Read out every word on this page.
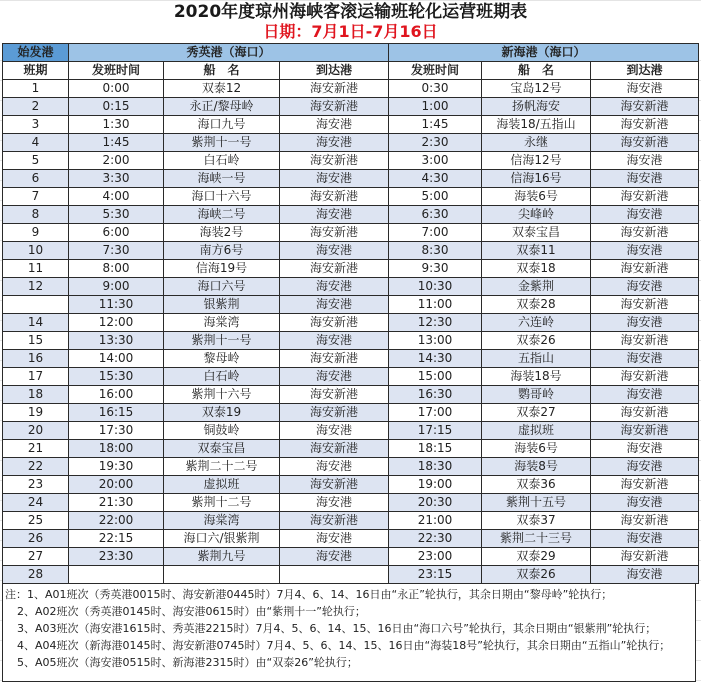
2020年度琼州海峡客滚运输班轮化运营班期表
日期：7月1日-7月16日
始发港	秀英港（海口）			新海港（海口）		
班期	发班时间	船　名	到达港	发班时间	船　名	到达港
1	0:00	双泰12	海安新港	0:30	宝岛12号	海安港
2	0:15	永正/黎母岭	海安新港	1:00	扬帆海安	海安新港
3	1:30	海口九号	海安港	1:45	海装18/五指山	海安新港
4	1:45	紫荆十一号	海安港	2:30	永继	海安新港
5	2:00	白石岭	海安新港	3:00	信海12号	海安港
6	3:30	海峡一号	海安港	4:30	信海16号	海安港
7	4:00	海口十六号	海安新港	5:00	海装6号	海安新港
8	5:30	海峡二号	海安港	6:30	尖峰岭	海安港
9	6:00	海装2号	海安新港	7:00	双泰宝昌	海安新港
10	7:30	南方6号	海安港	8:30	双泰11	海安港
11	8:00	信海19号	海安新港	9:30	双泰18	海安新港
12	9:00	海口六号	海安港	10:30	金紫荆	海安港
	11:30	银紫荆	海安港	11:00	双泰28	海安新港
14	12:00	海棠湾	海安新港	12:30	六连岭	海安港
15	13:30	紫荆十一号	海安港	13:00	双泰26	海安新港
16	14:00	黎母岭	海安新港	14:30	五指山	海安港
17	15:30	白石岭	海安港	15:00	海装18号	海安新港
18	16:00	紫荆十六号	海安新港	16:30	鹦哥岭	海安港
19	16:15	双泰19	海安新港	17:00	双泰27	海安新港
20	17:30	铜鼓岭	海安港	17:15	虚拟班	海安新港
21	18:00	双泰宝昌	海安新港	18:15	海装6号	海安港
22	19:30	紫荆二十二号	海安港	18:30	海装8号	海安港
23	20:00	虚拟班	海安新港	19:00	双泰36	海安新港
24	21:30	紫荆十二号	海安港	20:30	紫荆十五号	海安港
25	22:00	海棠湾	海安新港	21:00	双泰37	海安新港
26	22:15	海口六/银紫荆	海安港	22:30	紫荆二十三号	海安港
27	23:30	紫荆九号	海安港	23:00	双泰29	海安新港
28				23:15	双泰26	海安港
注：1、A01班次（秀英港0015时、海安新港0445时）7月4、6、14、16日由“永正”轮执行，其余日期由“黎母岭”轮执行；
2、A02班次（秀英港0145时、海安港0615时）由“紫荆十一”轮执行；
3、A03班次（海安港1615时、秀英港2215时）7月4、5、6、14、15、16日由“海口六号”轮执行，其余日期由“银紫荆”轮执行；
4、A04班次（新海港0145时、海安新港0745时）7月4、5、6、14、15、16日由“海装18号”轮执行，其余日期由“五指山”轮执行；
5、A05班次（海安港0515时、新海港2315时）由“双泰26”轮执行；
